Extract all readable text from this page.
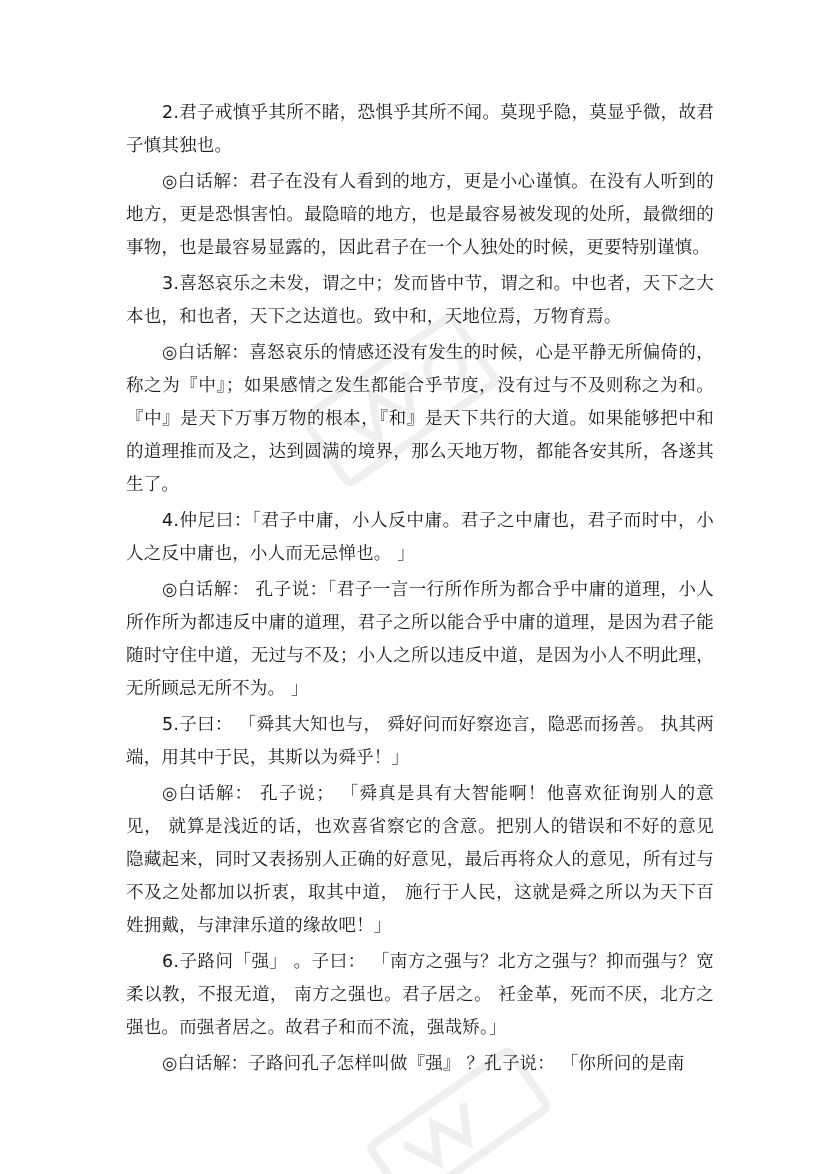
2.君子戒慎乎其所不睹，恐惧乎其所不闻。莫现乎隐，莫显乎微，故君子慎其独也。

◎白话解：君子在没有人看到的地方，更是小心谨慎。在没有人听到的地方，更是恐惧害怕。最隐暗的地方，也是最容易被发现的处所，最微细的事物，也是最容易显露的，因此君子在一个人独处的时候，更要特别谨慎。

3.喜怒哀乐之未发，谓之中；发而皆中节，谓之和。中也者，天下之大本也，和也者，天下之达道也。致中和，天地位焉，万物育焉。

◎白话解：喜怒哀乐的情感还没有发生的时候，心是平静无所偏倚的，称之为『中』；如果感情之发生都能合乎节度，没有过与不及则称之为和。『中』是天下万事万物的根本，『和』是天下共行的大道。如果能够把中和的道理推而及之，达到圆满的境界，那么天地万物，都能各安其所，各遂其生了。

4.仲尼曰：「君子中庸，小人反中庸。君子之中庸也，君子而时中，小人之反中庸也，小人而无忌惮也。 」

◎白话解： 孔子说：「君子一言一行所作所为都合乎中庸的道理，小人所作所为都违反中庸的道理，君子之所以能合乎中庸的道理，是因为君子能随时守住中道，无过与不及；小人之所以违反中道，是因为小人不明此理，无所顾忌无所不为。 」

5.子曰： 「舜其大知也与， 舜好问而好察迩言，隐恶而扬善。 执其两端，用其中于民，其斯以为舜乎！」

◎白话解： 孔子说； 「舜真是具有大智能啊！他喜欢征询别人的意见， 就算是浅近的话，也欢喜省察它的含意。把别人的错误和不好的意见隐藏起来，同时又表扬别人正确的好意见，最后再将众人的意见，所有过与不及之处都加以折衷，取其中道， 施行于人民，这就是舜之所以为天下百姓拥戴，与津津乐道的缘故吧！」

6.子路问「强」 。子曰： 「南方之强与？北方之强与？抑而强与？宽柔以教，不报无道， 南方之强也。君子居之。 衽金革，死而不厌，北方之强也。而强者居之。故君子和而不流，强哉矫。」

◎白话解：子路问孔子怎样叫做『强』 ？孔子说： 「你所问的是南
